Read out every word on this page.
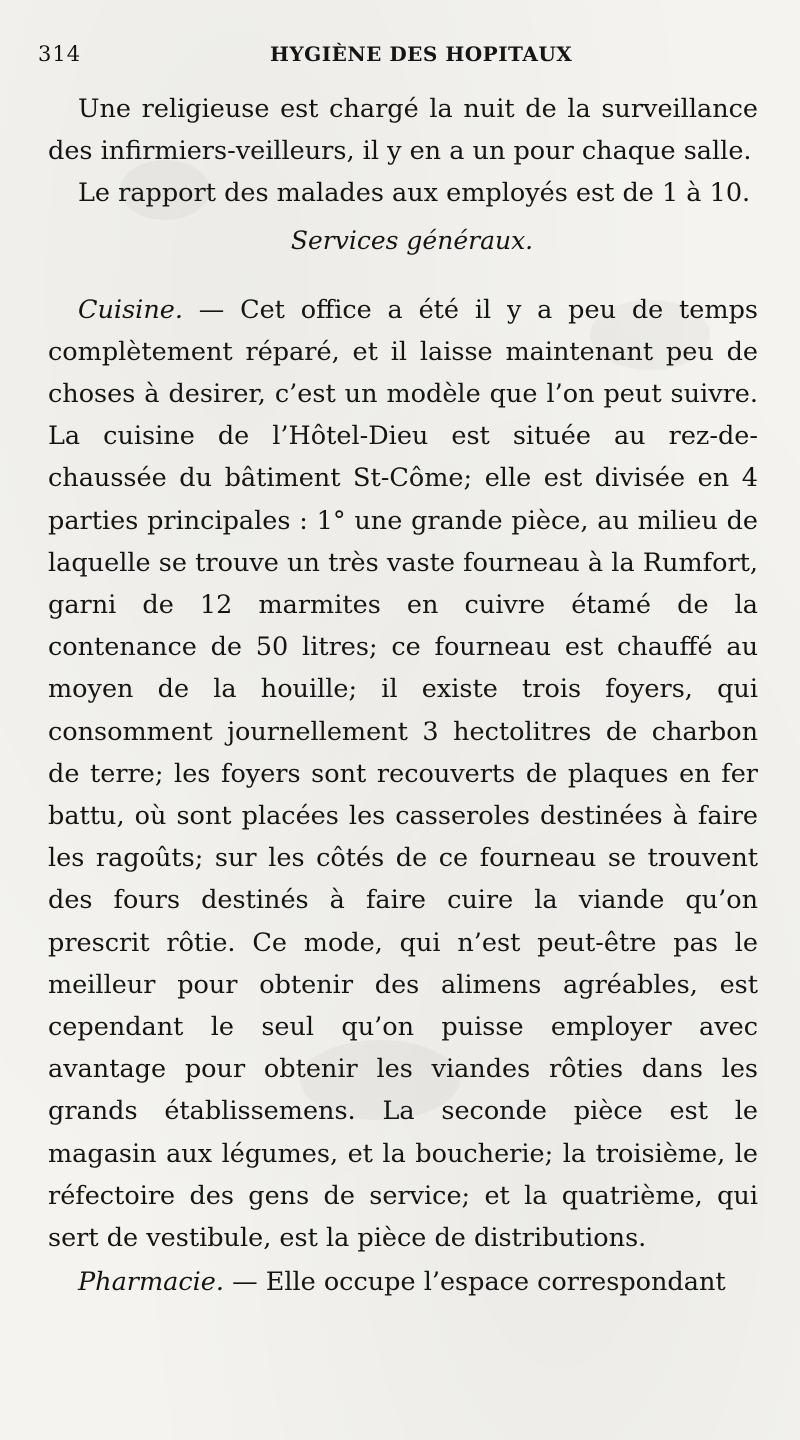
314	HYGIÈNE DES HOPITAUX

Une religieuse est chargé la nuit de la surveillance des infirmiers-veilleurs, il y en a un pour chaque salle.

Le rapport des malades aux employés est de 1 à 10.

Services généraux.

Cuisine. — Cet office a été il y a peu de temps complètement réparé, et il laisse maintenant peu de choses à desirer, c’est un modèle que l’on peut suivre. La cuisine de l’Hôtel-Dieu est située au rez-de-chaussée du bâtiment St-Côme; elle est divisée en 4 parties principales : 1° une grande pièce, au milieu de laquelle se trouve un très vaste fourneau à la Rumfort, garni de 12 marmites en cuivre étamé de la contenance de 50 litres; ce fourneau est chauffé au moyen de la houille; il existe trois foyers, qui consomment journellement 3 hectolitres de charbon de terre; les foyers sont recouverts de plaques en fer battu, où sont placées les casseroles destinées à faire les ragoûts; sur les côtés de ce fourneau se trouvent des fours destinés à faire cuire la viande qu’on prescrit rôtie. Ce mode, qui n’est peut-être pas le meilleur pour obtenir des alimens agréables, est cependant le seul qu’on puisse employer avec avantage pour obtenir les viandes rôties dans les grands établissemens. La seconde pièce est le magasin aux légumes, et la boucherie; la troisième, le réfectoire des gens de service; et la quatrième, qui sert de vestibule, est la pièce de distributions.

Pharmacie. — Elle occupe l’espace correspondant
